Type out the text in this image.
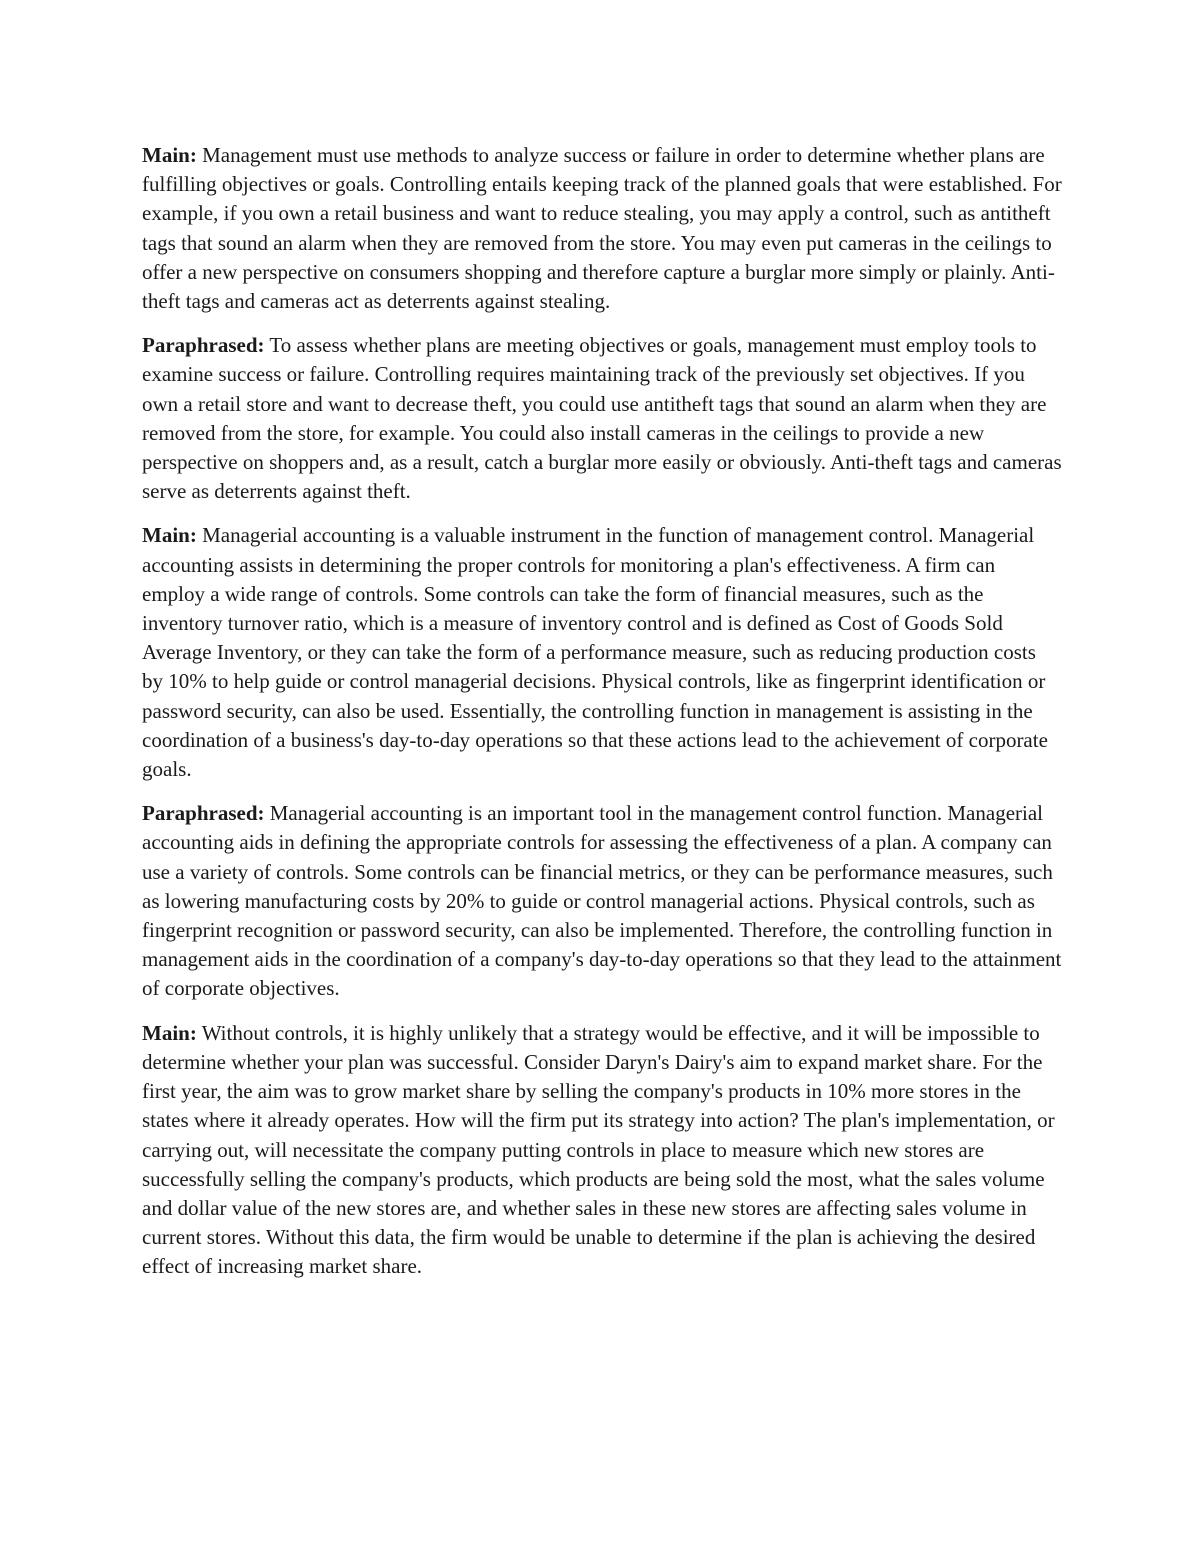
Main: Management must use methods to analyze success or failure in order to determine whether plans are fulfilling objectives or goals. Controlling entails keeping track of the planned goals that were established. For example, if you own a retail business and want to reduce stealing, you may apply a control, such as antitheft tags that sound an alarm when they are removed from the store. You may even put cameras in the ceilings to offer a new perspective on consumers shopping and therefore capture a burglar more simply or plainly. Anti-theft tags and cameras act as deterrents against stealing.

Paraphrased: To assess whether plans are meeting objectives or goals, management must employ tools to examine success or failure. Controlling requires maintaining track of the previously set objectives. If you own a retail store and want to decrease theft, you could use antitheft tags that sound an alarm when they are removed from the store, for example. You could also install cameras in the ceilings to provide a new perspective on shoppers and, as a result, catch a burglar more easily or obviously. Anti-theft tags and cameras serve as deterrents against theft.

Main: Managerial accounting is a valuable instrument in the function of management control. Managerial accounting assists in determining the proper controls for monitoring a plan's effectiveness. A firm can employ a wide range of controls. Some controls can take the form of financial measures, such as the inventory turnover ratio, which is a measure of inventory control and is defined as Cost of Goods Sold Average Inventory, or they can take the form of a performance measure, such as reducing production costs by 10% to help guide or control managerial decisions. Physical controls, like as fingerprint identification or password security, can also be used. Essentially, the controlling function in management is assisting in the coordination of a business's day-to-day operations so that these actions lead to the achievement of corporate goals.

Paraphrased: Managerial accounting is an important tool in the management control function. Managerial accounting aids in defining the appropriate controls for assessing the effectiveness of a plan. A company can use a variety of controls. Some controls can be financial metrics, or they can be performance measures, such as lowering manufacturing costs by 20% to guide or control managerial actions. Physical controls, such as fingerprint recognition or password security, can also be implemented. Therefore, the controlling function in management aids in the coordination of a company's day-to-day operations so that they lead to the attainment of corporate objectives.

Main: Without controls, it is highly unlikely that a strategy would be effective, and it will be impossible to determine whether your plan was successful. Consider Daryn's Dairy's aim to expand market share. For the first year, the aim was to grow market share by selling the company's products in 10% more stores in the states where it already operates. How will the firm put its strategy into action? The plan's implementation, or carrying out, will necessitate the company putting controls in place to measure which new stores are successfully selling the company's products, which products are being sold the most, what the sales volume and dollar value of the new stores are, and whether sales in these new stores are affecting sales volume in current stores. Without this data, the firm would be unable to determine if the plan is achieving the desired effect of increasing market share.
